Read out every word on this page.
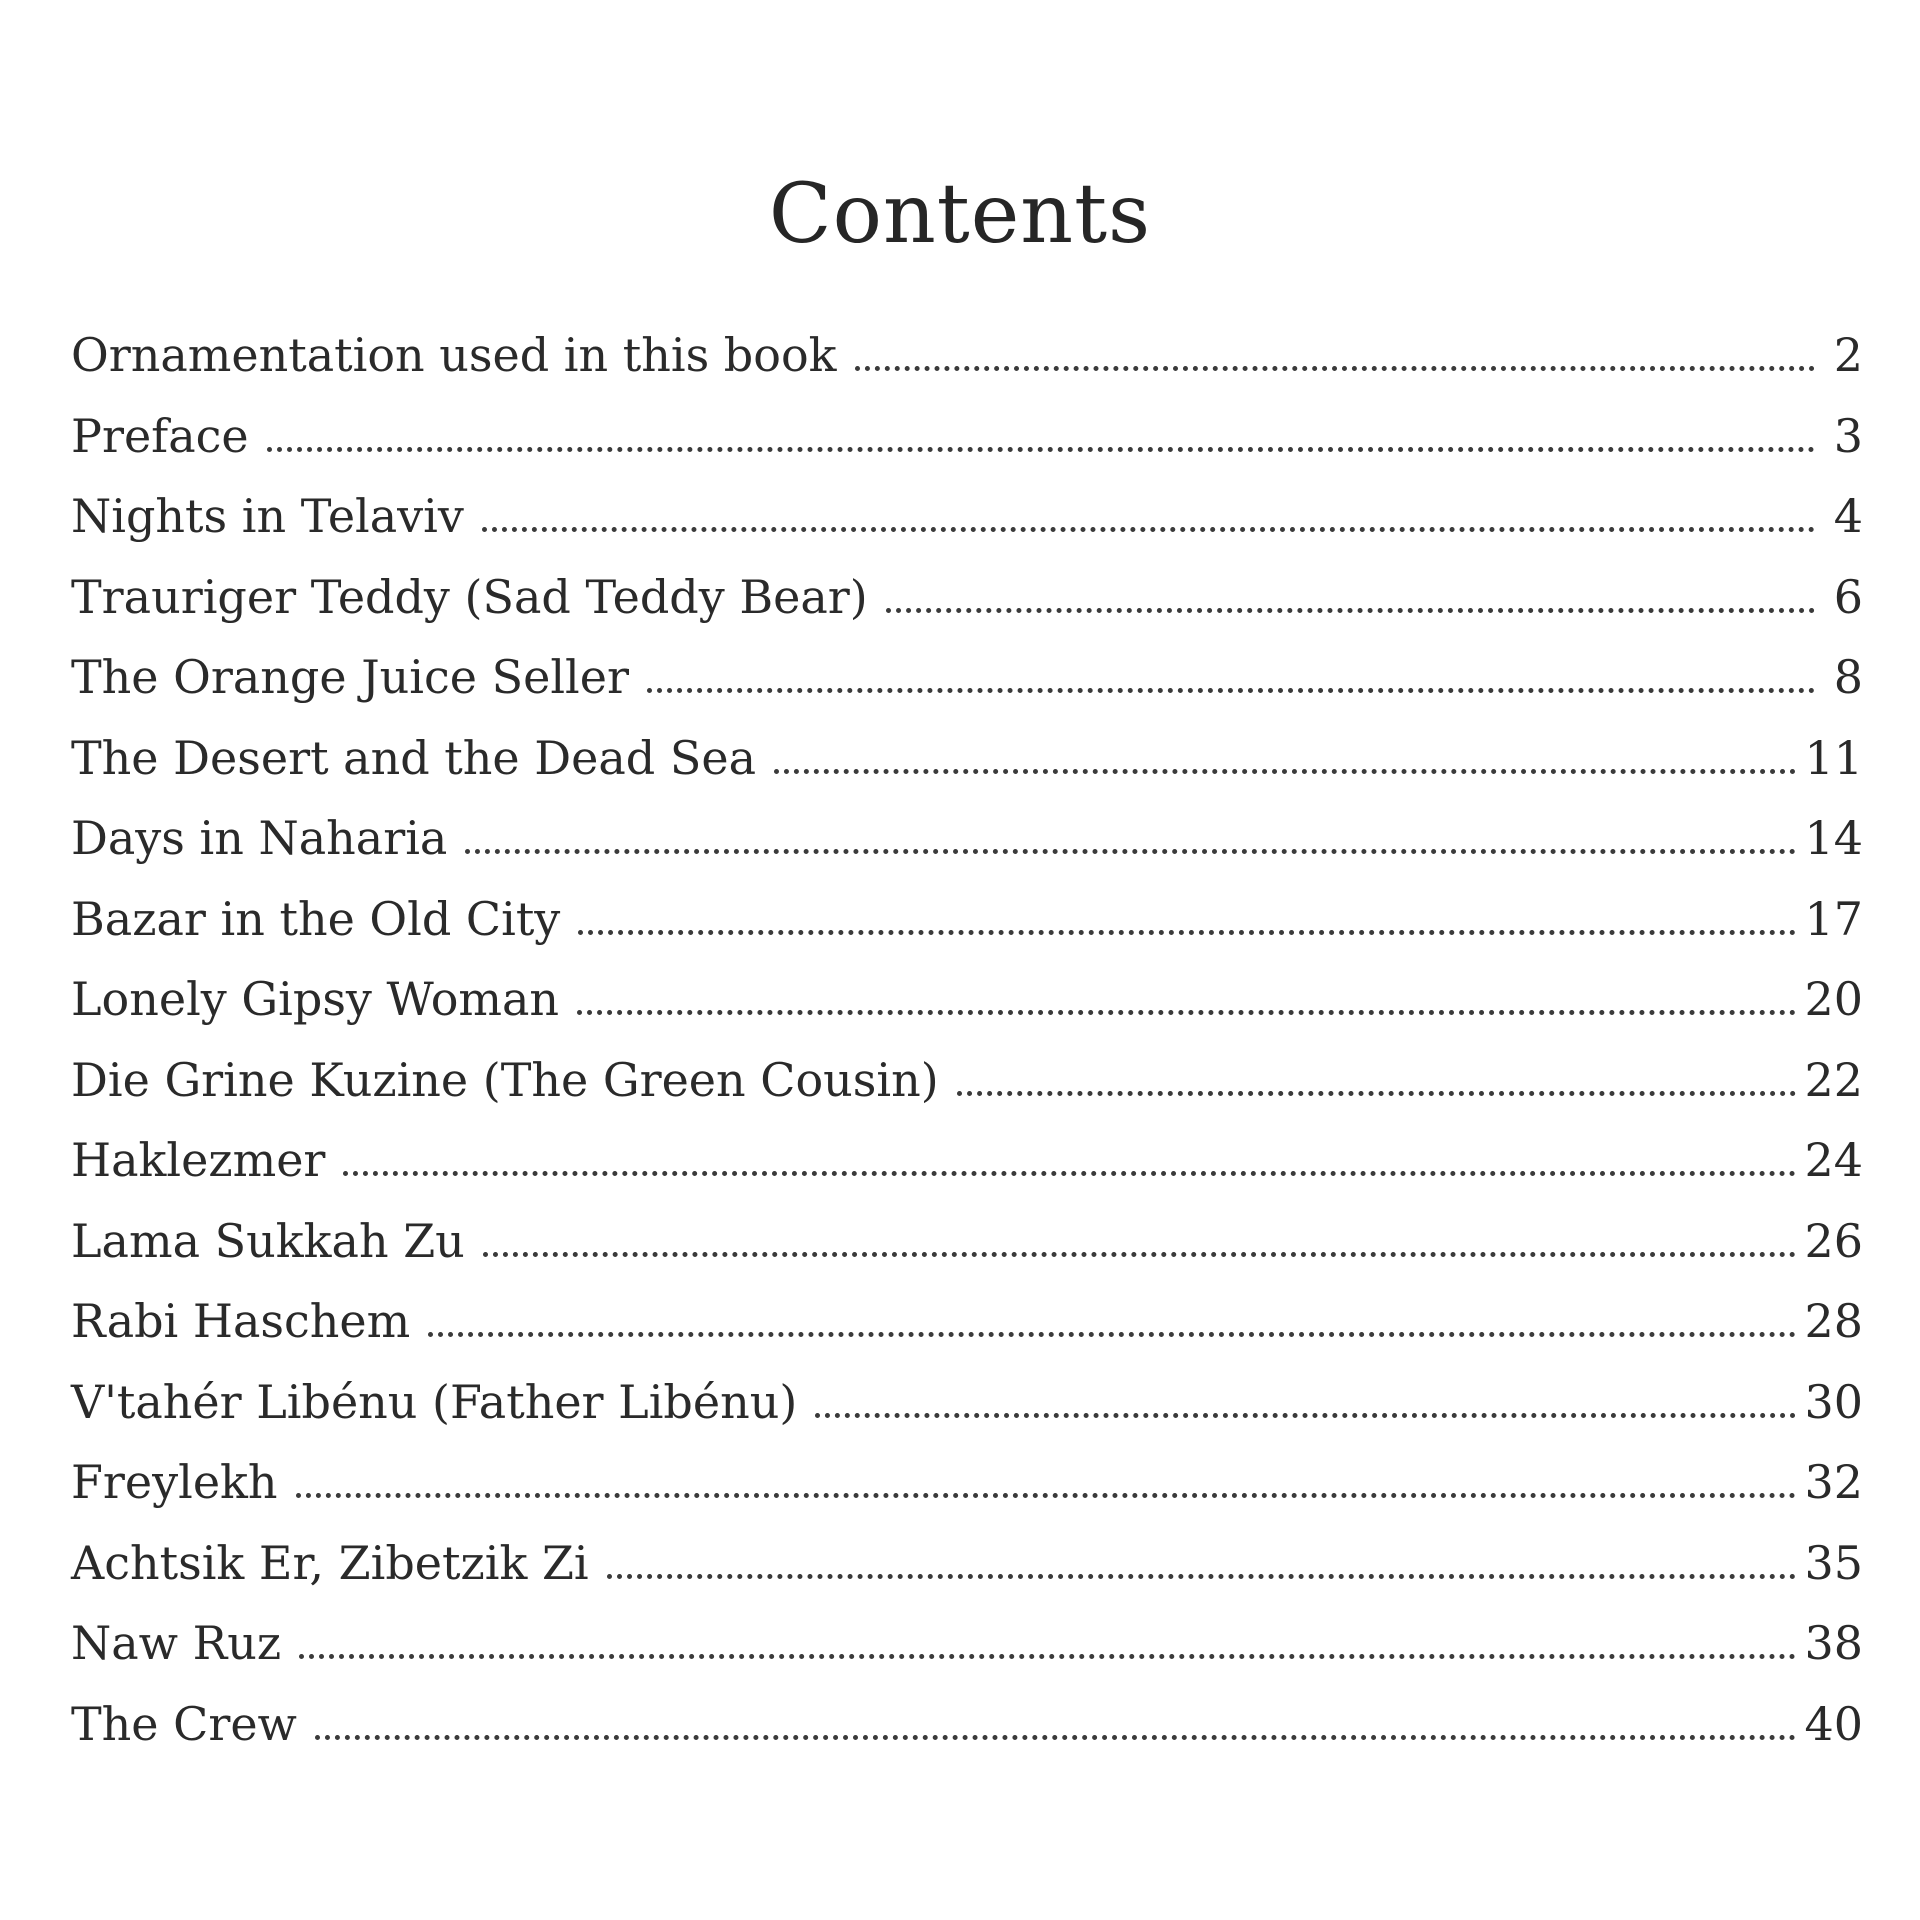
Contents
Ornamentation used in this book	2
Preface	3
Nights in Telaviv	4
Trauriger Teddy (Sad Teddy Bear)	6
The Orange Juice Seller	8
The Desert and the Dead Sea	11
Days in Naharia	14
Bazar in the Old City	17
Lonely Gipsy Woman	20
Die Grine Kuzine (The Green Cousin)	22
Haklezmer	24
Lama Sukkah Zu	26
Rabi Haschem	28
V'tahér Libénu (Father Libénu)	30
Freylekh	32
Achtsik Er, Zibetzik Zi	35
Naw Ruz	38
The Crew	40
